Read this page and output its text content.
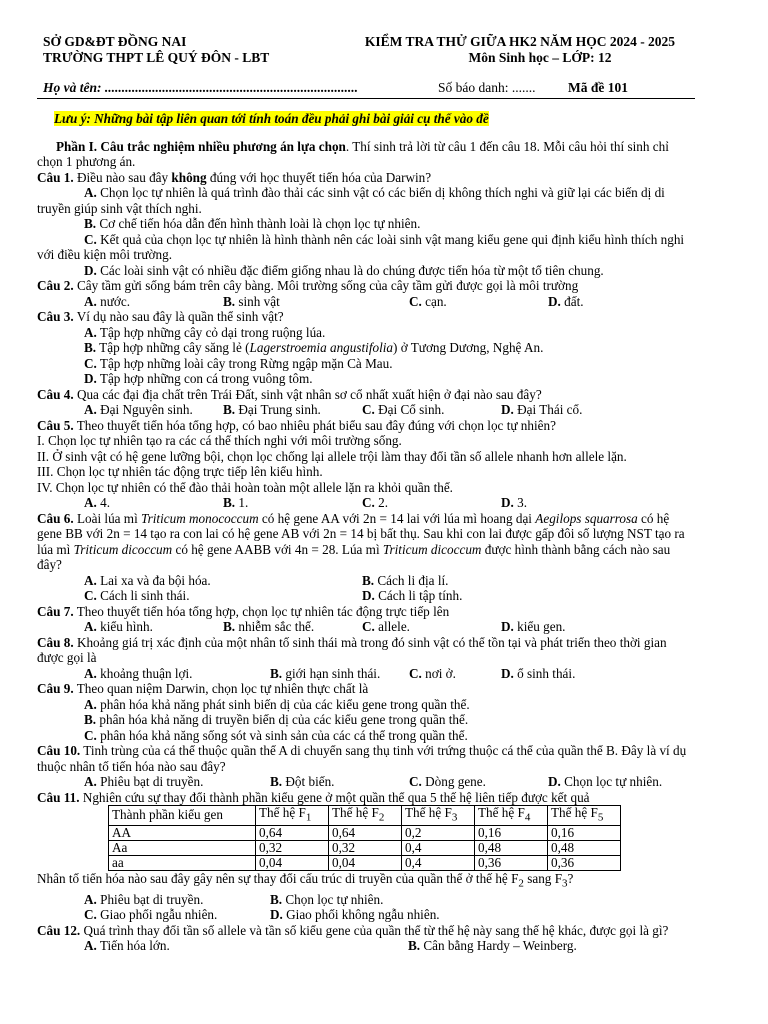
SỞ GD&ĐT ĐỒNG NAI
TRƯỜNG THPT LÊ QUÝ ĐÔN - LBT
KIỂM TRA THỬ GIỮA HK2 NĂM HỌC 2024 - 2025
Môn Sinh học – LỚP: 12
Họ và tên: ...........................................................................	Số báo danh: .......	Mã đề 101
Lưu ý: Những bài tập liên quan tới tính toán đều phải ghi bài giải cụ thể vào đề

Phần I. Câu trắc nghiệm nhiều phương án lựa chọn. Thí sinh trả lời từ câu 1 đến câu 18. Mỗi câu hỏi thí sinh chỉ chọn 1 phương án.

Câu 1. Điều nào sau đây không đúng với học thuyết tiến hóa của Darwin?

A. Chọn lọc tự nhiên là quá trình đào thải các sinh vật có các biến dị không thích nghi và giữ lại các biến dị di truyền giúp sinh vật thích nghi.

B. Cơ chế tiến hóa dẫn đến hình thành loài là chọn lọc tự nhiên.

C. Kết quả của chọn lọc tự nhiên là hình thành nên các loài sinh vật mang kiểu gene qui định kiểu hình thích nghi với điều kiện môi trường.

D. Các loài sinh vật có nhiều đặc điểm giống nhau là do chúng được tiến hóa từ một tổ tiên chung.

Câu 2. Cây tầm gửi sống bám trên cây bàng. Môi trường sống của cây tầm gửi được gọi là môi trường

A. nước.	B. sinh vật	C. cạn.	D. đất.

Câu 3. Ví dụ nào sau đây là quần thể sinh vật?

A. Tập hợp những cây cỏ dại trong ruộng lúa.

B. Tập hợp những cây săng lẻ (Lagerstroemia angustifolia) ở Tương Dương, Nghệ An.

C. Tập hợp những loài cây trong Rừng ngập mặn Cà Mau.

D. Tập hợp những con cá trong vuông tôm.

Câu 4. Qua các đại địa chất trên Trái Đất, sinh vật nhân sơ cổ nhất xuất hiện ở đại nào sau đây?

A. Đại Nguyên sinh.	B. Đại Trung sinh.	C. Đại Cổ sinh.	D. Đại Thái cổ.

Câu 5. Theo thuyết tiến hóa tổng hợp, có bao nhiêu phát biểu sau đây đúng với chọn lọc tự nhiên?

I. Chọn lọc tự nhiên tạo ra các cá thể thích nghi với môi trường sống.

II. Ở sinh vật có hệ gene lưỡng bội, chọn lọc chống lại allele trội làm thay đổi tần số allele nhanh hơn allele lặn.

III. Chọn lọc tự nhiên tác động trực tiếp lên kiểu hình.

IV. Chọn lọc tự nhiên có thể đào thải hoàn toàn một allele lặn ra khỏi quần thể.

A. 4.	B. 1.	C. 2.	D. 3.

Câu 6. Loài lúa mì Triticum monococcum có hệ gene AA với 2n = 14 lai với lúa mì hoang dại Aegilops squarrosa có hệ gene BB với 2n = 14 tạo ra con lai có hệ gene AB với 2n = 14 bị bất thụ. Sau khi con lai được gấp đôi số lượng NST tạo ra lúa mì Triticum dicoccum có hệ gene AABB với 4n = 28. Lúa mì Triticum dicoccum được hình thành bằng cách nào sau đây?

A. Lai xa và đa bội hóa.	B. Cách li địa lí.
C. Cách li sinh thái.	D. Cách li tập tính.

Câu 7. Theo thuyết tiến hóa tổng hợp, chọn lọc tự nhiên tác động trực tiếp lên

A. kiểu hình.	B. nhiễm sắc thể.	C. allele.	D. kiểu gen.

Câu 8. Khoảng giá trị xác định của một nhân tố sinh thái mà trong đó sinh vật có thể tồn tại và phát triển theo thời gian được gọi là

A. khoảng thuận lợi.	B. giới hạn sinh thái.	C. nơi ở.	D. ổ sinh thái.

Câu 9. Theo quan niệm Darwin, chọn lọc tự nhiên thực chất là

A. phân hóa khả năng phát sinh biến dị của các kiểu gene trong quần thể.

B. phân hóa khả năng di truyền biến dị của các kiểu gene trong quần thể.

C. phân hóa khả năng sống sót và sinh sản của các cá thể trong quần thể.

Câu 10. Tinh trùng của cá thể thuộc quần thể A di chuyển sang thụ tinh với trứng thuộc cá thể của quần thể B. Đây là ví dụ thuộc nhân tố tiến hóa nào sau đây?

A. Phiêu bạt di truyền.	B. Đột biến.	C. Dòng gene.	D. Chọn lọc tự nhiên.

Câu 11. Nghiên cứu sự thay đổi thành phần kiểu gene ở một quần thể qua 5 thế hệ liên tiếp được kết quả

Thành phần kiểu gen	Thế hệ $F_1$	Thế hệ $F_2$	Thế hệ $F_3$	Thế hệ $F_4$	Thế hệ $F_5$
AA	0,64	0,64	0,2	0,16	0,16
Aa	0,32	0,32	0,4	0,48	0,48
aa	0,04	0,04	0,4	0,36	0,36

Nhân tố tiến hóa nào sau đây gây nên sự thay đổi cấu trúc di truyền của quần thể ở thế hệ $F_2$ sang $F_3$?

A. Phiêu bạt di truyền.	B. Chọn lọc tự nhiên.
C. Giao phối ngẫu nhiên.	D. Giao phối không ngẫu nhiên.

Câu 12. Quá trình thay đổi tần số allele và tần số kiểu gene của quần thể từ thế hệ này sang thế hệ khác, được gọi là gì?

A. Tiến hóa lớn.	B. Cân bằng Hardy – Weinberg.
